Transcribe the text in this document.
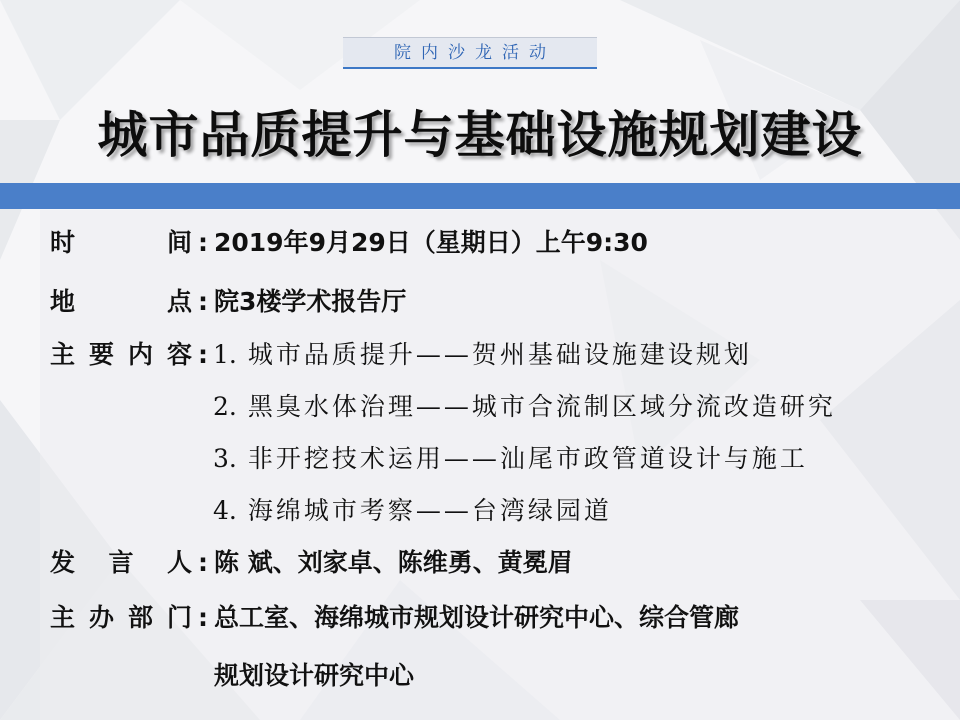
院内沙龙活动
城市品质提升与基础设施规划建设
时间 : 2019年9月29日（星期日）上午9:30
地点 : 院3楼学术报告厅
主要内容 : 1. 城市品质提升——贺州基础设施建设规划
2. 黑臭水体治理——城市合流制区域分流改造研究
3. 非开挖技术运用——汕尾市政管道设计与施工
4. 海绵城市考察——台湾绿园道
发言人 : 陈 斌、刘家卓、陈维勇、黄冕眉
主办部门 : 总工室、海绵城市规划设计研究中心、综合管廊
规划设计研究中心
